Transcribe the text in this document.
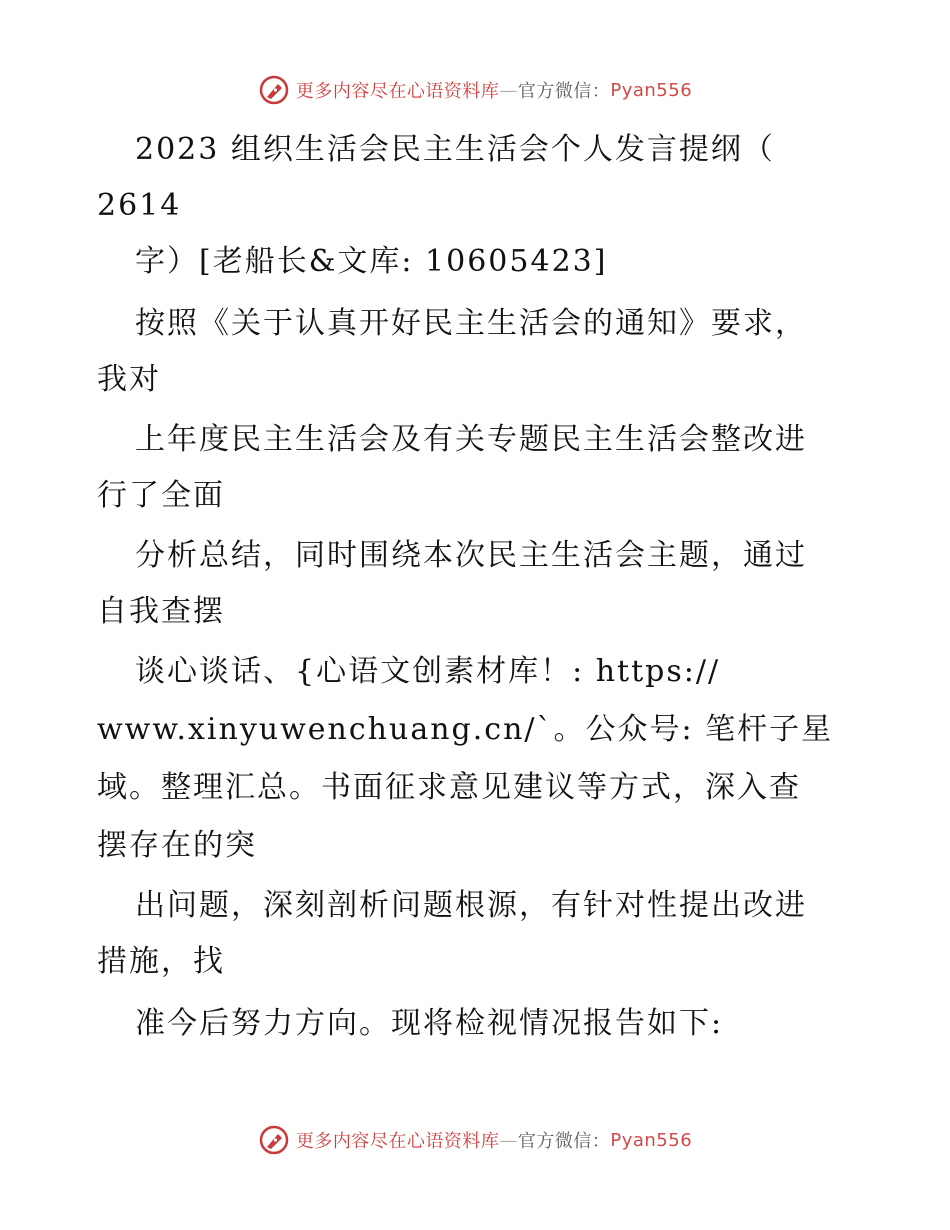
更多内容尽在心语资料库 — 官方微信： Pyan556
2023 组织生活会民主生活会个人发言提纲（
2614
字）[老船长&文库: 10605423]
按照《关于认真开好民主生活会的通知》要求，
我对
上年度民主生活会及有关专题民主生活会整改进
行了全面
分析总结，同时围绕本次民主生活会主题，通过
自我查摆
谈心谈话、{心语文创素材库！: https://
www.xinyuwenchuang.cn/`。公众号: 笔杆子星
域。整理汇总。书面征求意见建议等方式，深入查
摆存在的突
出问题，深刻剖析问题根源，有针对性提出改进
措施，找
准今后努力方向。现将检视情况报告如下:
更多内容尽在心语资料库 — 官方微信： Pyan556
